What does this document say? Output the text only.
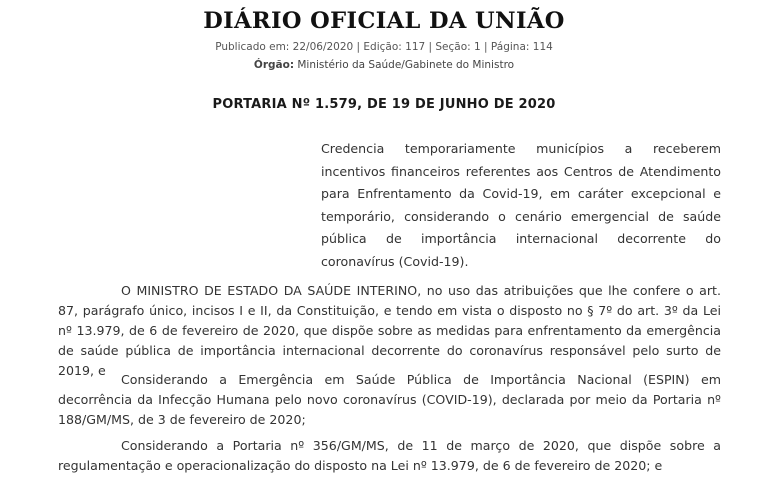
DIÁRIO OFICIAL DA UNIÃO
Publicado em: 22/06/2020 | Edição: 117 | Seção: 1 | Página: 114
Órgão: Ministério da Saúde/Gabinete do Ministro
PORTARIA Nº 1.579, DE 19 DE JUNHO DE 2020
Credencia temporariamente municípios a receberem incentivos financeiros referentes aos Centros de Atendimento para Enfrentamento da Covid-19, em caráter excepcional e temporário, considerando o cenário emergencial de saúde pública de importância internacional decorrente do coronavírus (Covid-19).
O MINISTRO DE ESTADO DA SAÚDE INTERINO, no uso das atribuições que lhe confere o art. 87, parágrafo único, incisos I e II, da Constituição, e tendo em vista o disposto no § 7º do art. 3º da Lei nº 13.979, de 6 de fevereiro de 2020, que dispõe sobre as medidas para enfrentamento da emergência de saúde pública de importância internacional decorrente do coronavírus responsável pelo surto de 2019, e
Considerando a Emergência em Saúde Pública de Importância Nacional (ESPIN) em decorrência da Infecção Humana pelo novo coronavírus (COVID-19), declarada por meio da Portaria nº 188/GM/MS, de 3 de fevereiro de 2020;
Considerando a Portaria nº 356/GM/MS, de 11 de março de 2020, que dispõe sobre a regulamentação e operacionalização do disposto na Lei nº 13.979, de 6 de fevereiro de 2020; e
